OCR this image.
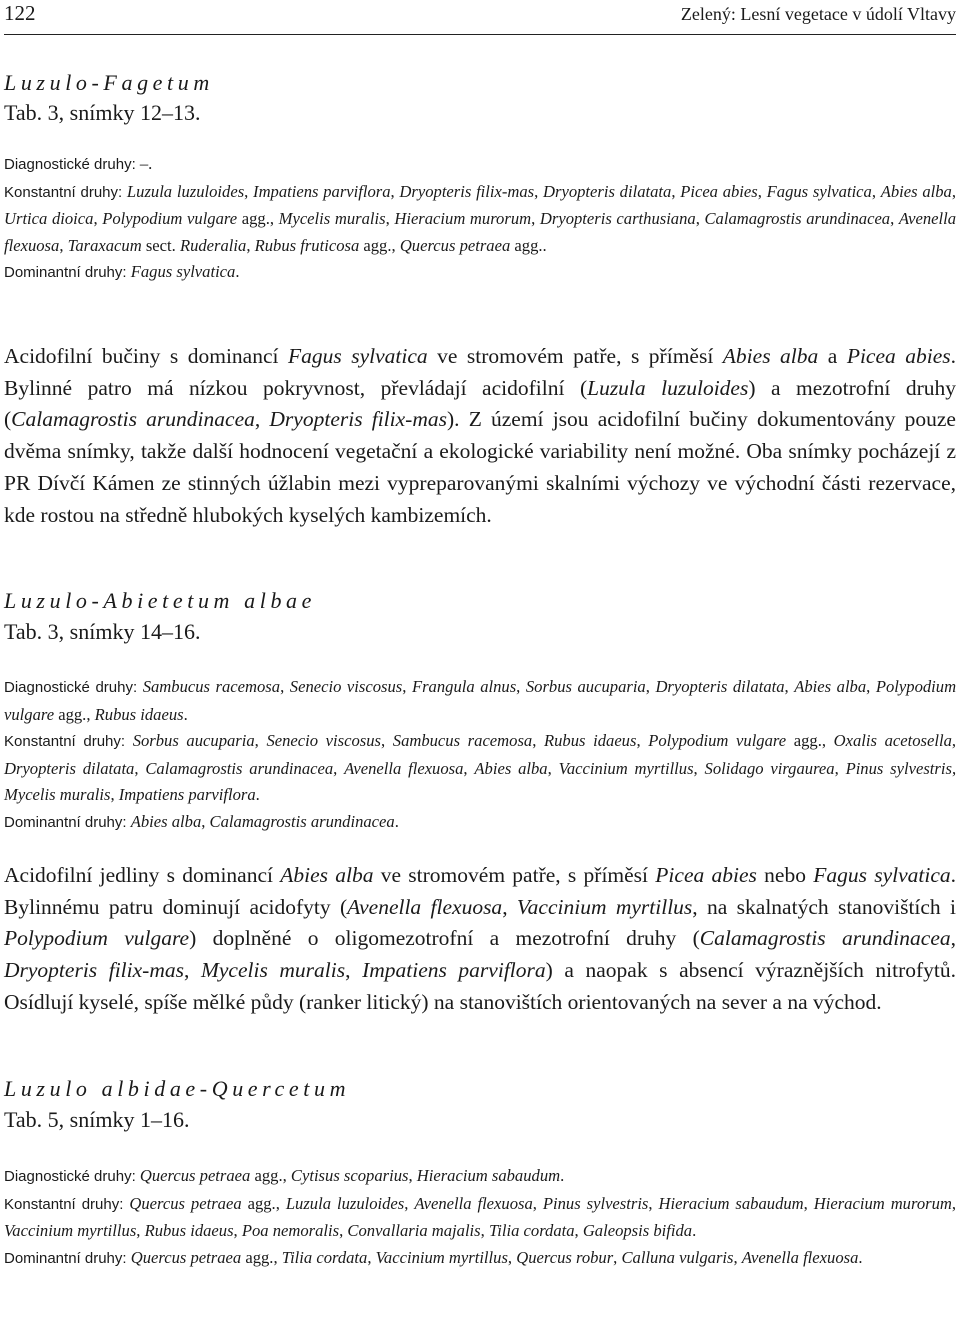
122	Zelený: Lesní vegetace v údolí Vltavy
Luzulo-Fagetum
Tab. 3, snímky 12–13.

Diagnostické druhy: –.

Konstantní druhy: Luzula luzuloides, Impatiens parviflora, Dryopteris filix-mas, Dryopteris dilatata, Picea abies, Fagus sylvatica, Abies alba, Urtica dioica, Polypodium vulgare agg., Mycelis muralis, Hieracium murorum, Dryopteris carthusiana, Calamagrostis arundinacea, Avenella flexuosa, Taraxacum sect. Ruderalia, Rubus fruticosa agg., Quercus petraea agg..

Dominantní druhy: Fagus sylvatica.

Acidofilní bučiny s dominancí Fagus sylvatica ve stromovém patře, s příměsí Abies alba a Picea abies. Bylinné patro má nízkou pokryvnost, převládají acidofilní (Luzula luzuloides) a mezotrofní druhy (Calamagrostis arundinacea, Dryopteris filix-mas). Z území jsou acidofilní bučiny dokumentovány pouze dvěma snímky, takže další hodnocení vegetační a ekologické variability není možné. Oba snímky pocházejí z PR Dívčí Kámen ze stinných úžlabin mezi vypreparovanými skalními výchozy ve východní části rezervace, kde rostou na středně hlubokých kyselých kambizemích.

Luzulo-Abietetum albae
Tab. 3, snímky 14–16.

Diagnostické druhy: Sambucus racemosa, Senecio viscosus, Frangula alnus, Sorbus aucuparia, Dryopteris dilatata, Abies alba, Polypodium vulgare agg., Rubus idaeus.

Konstantní druhy: Sorbus aucuparia, Senecio viscosus, Sambucus racemosa, Rubus idaeus, Polypodium vulgare agg., Oxalis acetosella, Dryopteris dilatata, Calamagrostis arundinacea, Avenella flexuosa, Abies alba, Vaccinium myrtillus, Solidago virgaurea, Pinus sylvestris, Mycelis muralis, Impatiens parviflora.

Dominantní druhy: Abies alba, Calamagrostis arundinacea.

Acidofilní jedliny s dominancí Abies alba ve stromovém patře, s příměsí Picea abies nebo Fagus sylvatica. Bylinnému patru dominují acidofyty (Avenella flexuosa, Vaccinium myrtillus, na skalnatých stanovištích i Polypodium vulgare) doplněné o oligomezotrofní a mezotrofní druhy (Calamagrostis arundinacea, Dryopteris filix-mas, Mycelis muralis, Impatiens parviflora) a naopak s absencí výraznějších nitrofytů. Osídlují kyselé, spíše mělké půdy (ranker litický) na stanovištích orientovaných na sever a na východ.

Luzulo albidae-Quercetum
Tab. 5, snímky 1–16.

Diagnostické druhy: Quercus petraea agg., Cytisus scoparius, Hieracium sabaudum.

Konstantní druhy: Quercus petraea agg., Luzula luzuloides, Avenella flexuosa, Pinus sylvestris, Hieracium sabaudum, Hieracium murorum, Vaccinium myrtillus, Rubus idaeus, Poa nemoralis, Convallaria majalis, Tilia cordata, Galeopsis bifida.

Dominantní druhy: Quercus petraea agg., Tilia cordata, Vaccinium myrtillus, Quercus robur, Calluna vulgaris, Avenella flexuosa.
